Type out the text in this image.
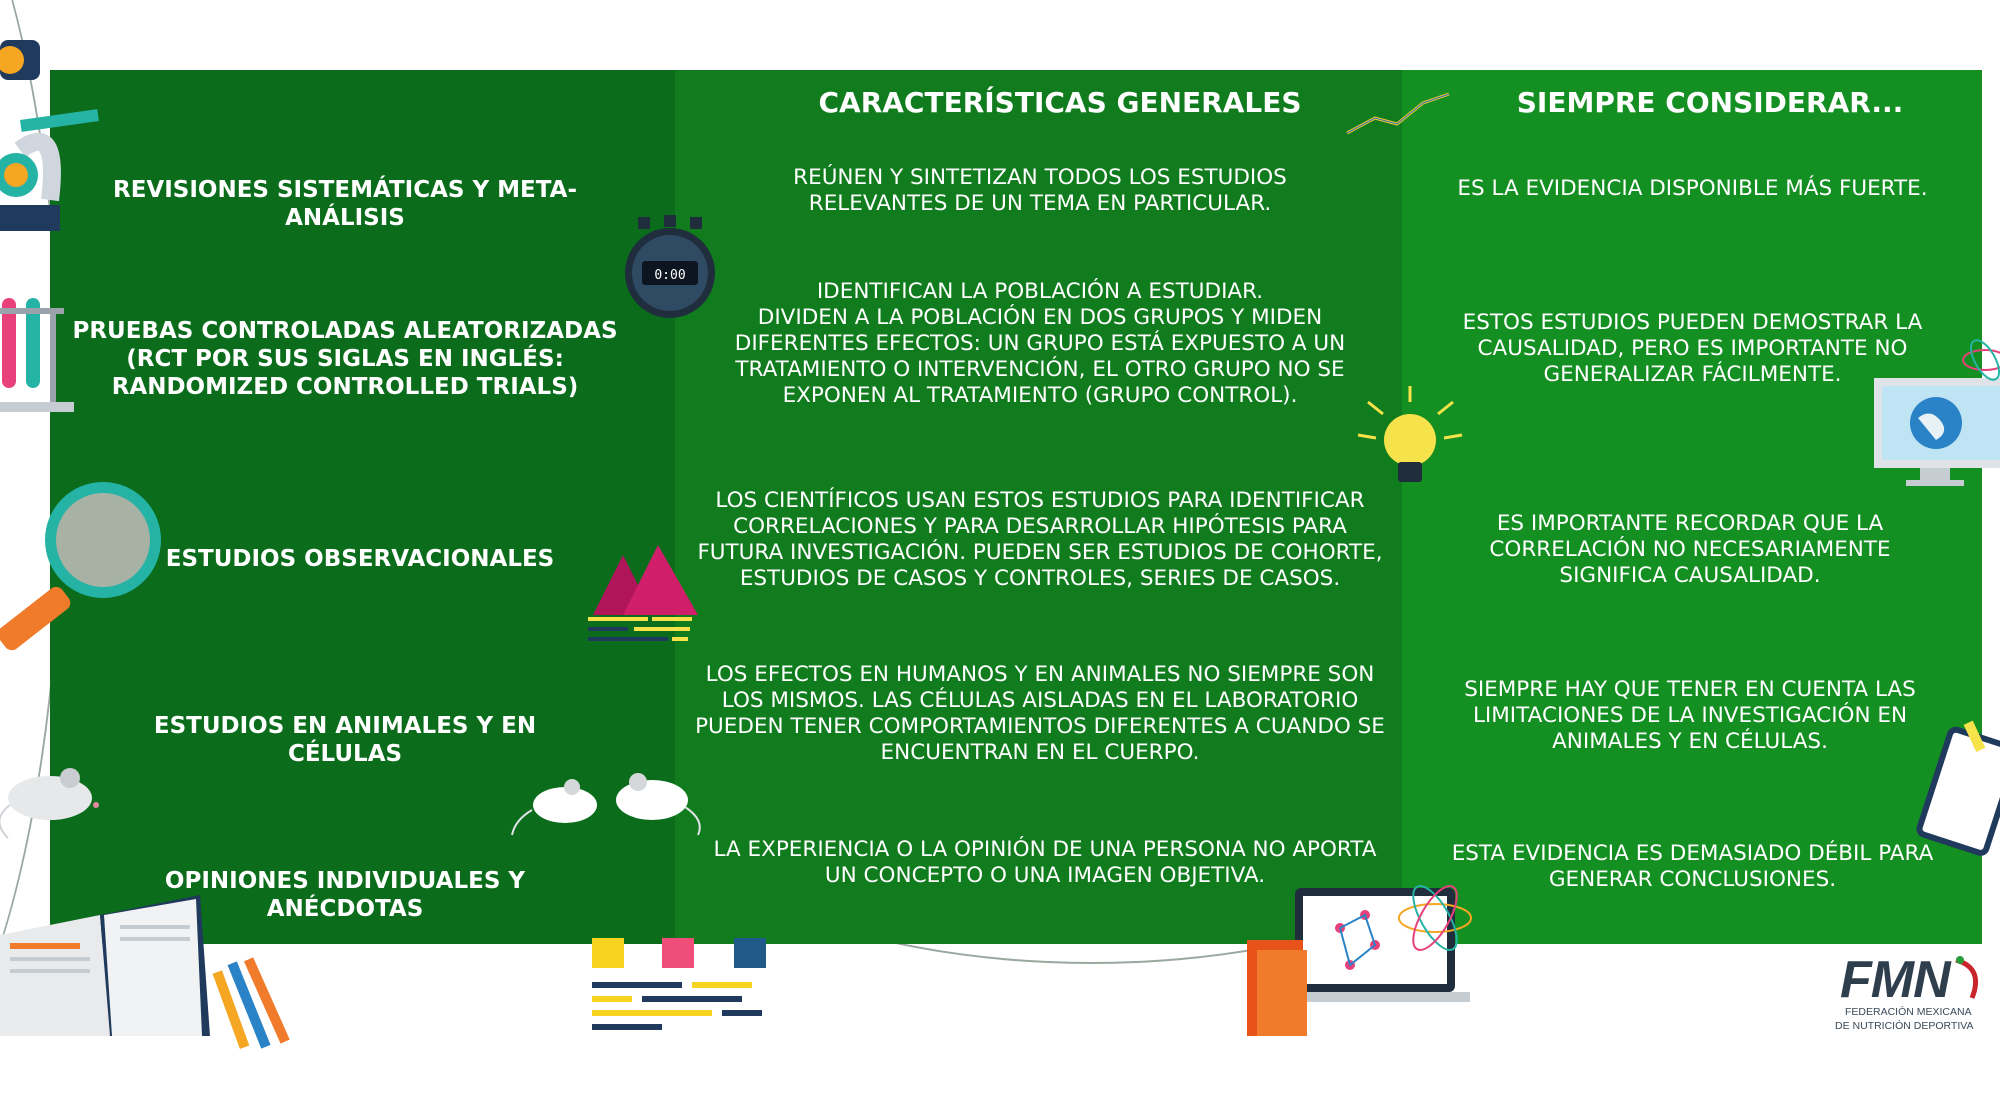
CARACTERÍSTICAS GENERALES	SIEMPRE CONSIDERAR...
REVISIONES SISTEMÁTICAS Y META-ANÁLISIS
PRUEBAS CONTROLADAS ALEATORIZADAS (RCT POR SUS SIGLAS EN INGLÉS: RANDOMIZED CONTROLLED TRIALS)
ESTUDIOS OBSERVACIONALES
ESTUDIOS EN ANIMALES Y EN CÉLULAS
OPINIONES INDIVIDUALES Y ANÉCDOTAS
REÚNEN Y SINTETIZAN TODOS LOS ESTUDIOS RELEVANTES DE UN TEMA EN PARTICULAR.
IDENTIFICAN LA POBLACIÓN A ESTUDIAR.
DIVIDEN A LA POBLACIÓN EN DOS GRUPOS Y MIDEN DIFERENTES EFECTOS: UN GRUPO ESTÁ EXPUESTO A UN TRATAMIENTO O INTERVENCIÓN, EL OTRO GRUPO NO SE EXPONEN AL TRATAMIENTO (GRUPO CONTROL).
LOS CIENTÍFICOS USAN ESTOS ESTUDIOS PARA IDENTIFICAR CORRELACIONES Y PARA DESARROLLAR HIPÓTESIS PARA FUTURA INVESTIGACIÓN. PUEDEN SER ESTUDIOS DE COHORTE, ESTUDIOS DE CASOS Y CONTROLES, SERIES DE CASOS.
LOS EFECTOS EN HUMANOS Y EN ANIMALES NO SIEMPRE SON LOS MISMOS. LAS CÉLULAS AISLADAS EN EL LABORATORIO PUEDEN TENER COMPORTAMIENTOS DIFERENTES A CUANDO SE ENCUENTRAN EN EL CUERPO.
LA EXPERIENCIA O LA OPINIÓN DE UNA PERSONA NO APORTA UN CONCEPTO O UNA IMAGEN OBJETIVA.
ES LA EVIDENCIA DISPONIBLE MÁS FUERTE.
ESTOS ESTUDIOS PUEDEN DEMOSTRAR LA CAUSALIDAD, PERO ES IMPORTANTE NO GENERALIZAR FÁCILMENTE.
ES IMPORTANTE RECORDAR QUE LA CORRELACIÓN NO NECESARIAMENTE SIGNIFICA CAUSALIDAD.
SIEMPRE HAY QUE TENER EN CUENTA LAS LIMITACIONES DE LA INVESTIGACIÓN EN ANIMALES Y EN CÉLULAS.
ESTA EVIDENCIA ES DEMASIADO DÉBIL PARA GENERAR CONCLUSIONES.
0:00
FMN
FEDERACIÓN MEXICANA
DE NUTRICIÓN DEPORTIVA
